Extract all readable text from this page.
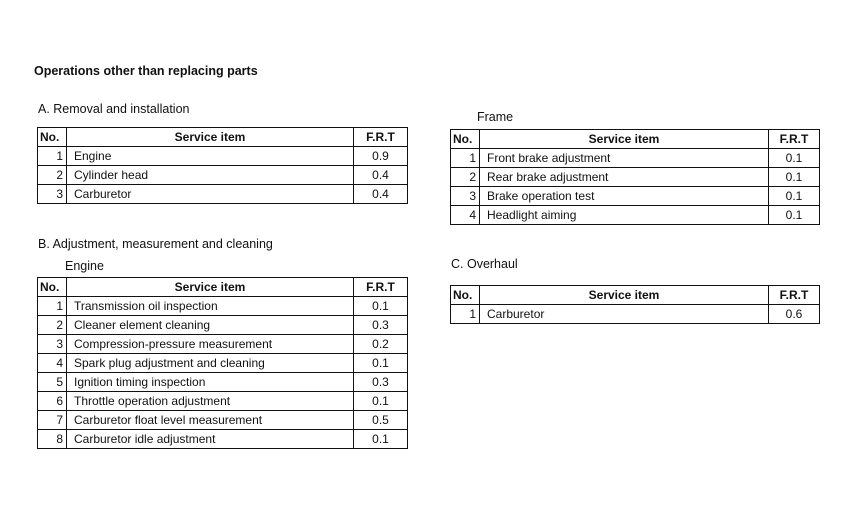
Operations other than replacing parts
A. Removal and installation
No.	Service item	F.R.T
1	Engine	0.9
2	Cylinder head	0.4
3	Carburetor	0.4
B. Adjustment, measurement and cleaning
Engine
No.	Service item	F.R.T
1	Transmission oil inspection	0.1
2	Cleaner element cleaning	0.3
3	Compression-pressure measurement	0.2
4	Spark plug adjustment and cleaning	0.1
5	Ignition timing inspection	0.3
6	Throttle operation adjustment	0.1
7	Carburetor float level measurement	0.5
8	Carburetor idle adjustment	0.1
Frame
No.	Service item	F.R.T
1	Front brake adjustment	0.1
2	Rear brake adjustment	0.1
3	Brake operation test	0.1
4	Headlight aiming	0.1
C. Overhaul
No.	Service item	F.R.T
1	Carburetor	0.6
